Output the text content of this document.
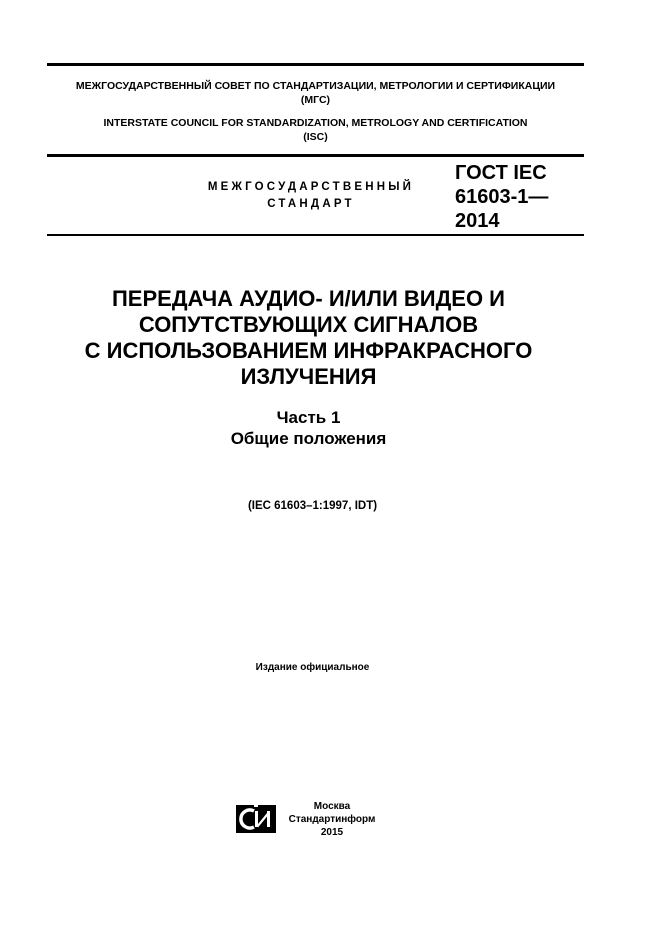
МЕЖГОСУДАРСТВЕННЫЙ СОВЕТ ПО СТАНДАРТИЗАЦИИ, МЕТРОЛОГИИ И СЕРТИФИКАЦИИ
(МГС)
INTERSTATE COUNCIL FOR STANDARDIZATION, METROLOGY AND CERTIFICATION
(ISC)
МЕЖГОСУДАРСТВЕННЫЙ
СТАНДАРТ
ГОСТ IEC
61603-1—
2014
ПЕРЕДАЧА АУДИО- И/ИЛИ ВИДЕО И
СОПУТСТВУЮЩИХ СИГНАЛОВ
С ИСПОЛЬЗОВАНИЕМ ИНФРАКРАСНОГО
ИЗЛУЧЕНИЯ
Часть 1
Общие положения
(IEC 61603–1:1997, IDT)
Издание официальное
Москва
Стандартинформ
2015
